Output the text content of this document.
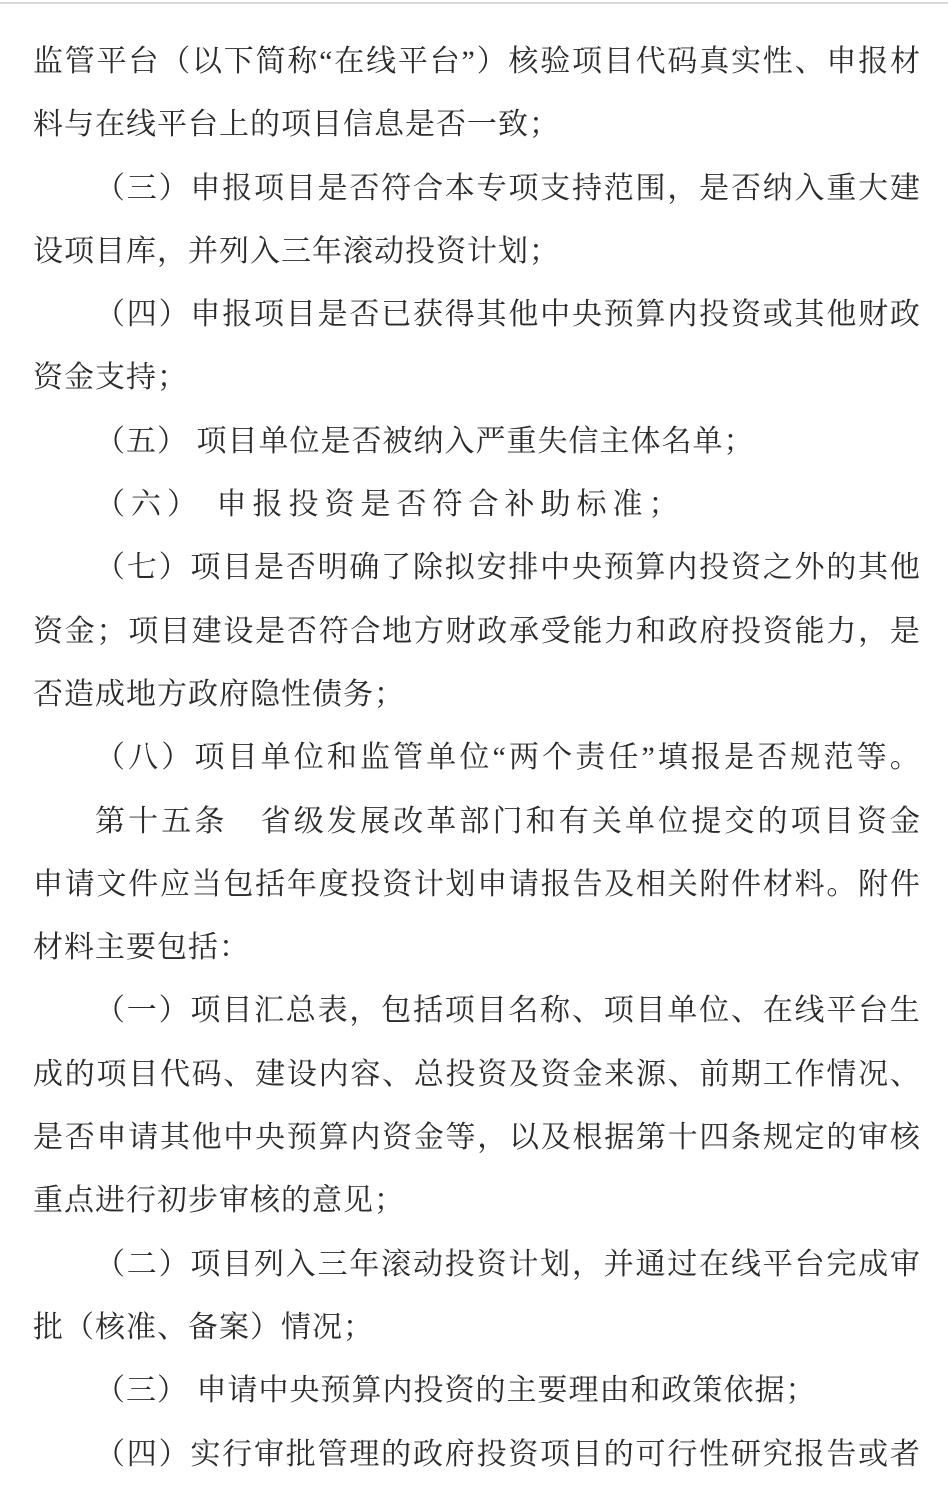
监 管 平 台 （ 以 下 简 称 “ 在 线 平 台 ” ） 核 验 项 目 代 码 真 实 性 、 申 报 材
料与在线平台上的项目信息是否一致；
（ 三 ） 申 报 项 目 是 否 符 合 本 专 项 支 持 范 围 ， 是 否 纳 入 重 大 建
设项目库，并列入三年滚动投资计划；
（ 四 ） 申 报 项 目 是 否 已 获 得 其 他 中 央 预 算 内 投 资 或 其 他 财 政
资金支持；
（五） 项目单位是否被纳入严重失信主体名单；
（六） 申报投资是否符合补助标准；
（ 七 ） 项 目 是 否 明 确 了 除 拟 安 排 中 央 预 算 内 投 资 之 外 的 其 他
资 金 ； 项 目 建 设 是 否 符 合 地 方 财 政 承 受 能 力 和 政 府 投 资 能 力 ， 是
否造成地方政府隐性债务；
（ 八 ） 项 目 单 位 和 监 管 单 位 “ 两 个 责 任 ” 填 报 是 否 规 范 等 。
第 十 五 条
　 省 级 发 展 改 革 部 门 和 有 关 单 位 提 交 的 项 目 资 金
申 请 文 件 应 当 包 括 年 度 投 资 计 划 申 请 报 告 及 相 关 附 件 材 料 。 附 件
材料主要包括：
（ 一 ） 项 目 汇 总 表 ， 包 括 项 目 名 称 、 项 目 单 位 、 在 线 平 台 生
成 的 项 目 代 码 、 建 设 内 容 、 总 投 资 及 资 金 来 源 、 前 期 工 作 情 况 、
是 否 申 请 其 他 中 央 预 算 内 资 金 等 ， 以 及 根 据 第 十 四 条 规 定 的 审 核
重点进行初步审核的意见；
（ 二 ） 项 目 列 入 三 年 滚 动 投 资 计 划 ， 并 通 过 在 线 平 台 完 成 审
批（核准、备案）情况；
（三） 申请中央预算内投资的主要理由和政策依据；
（ 四 ） 实 行 审 批 管 理 的 政 府 投 资 项 目 的 可 行 性 研 究 报 告 或 者
